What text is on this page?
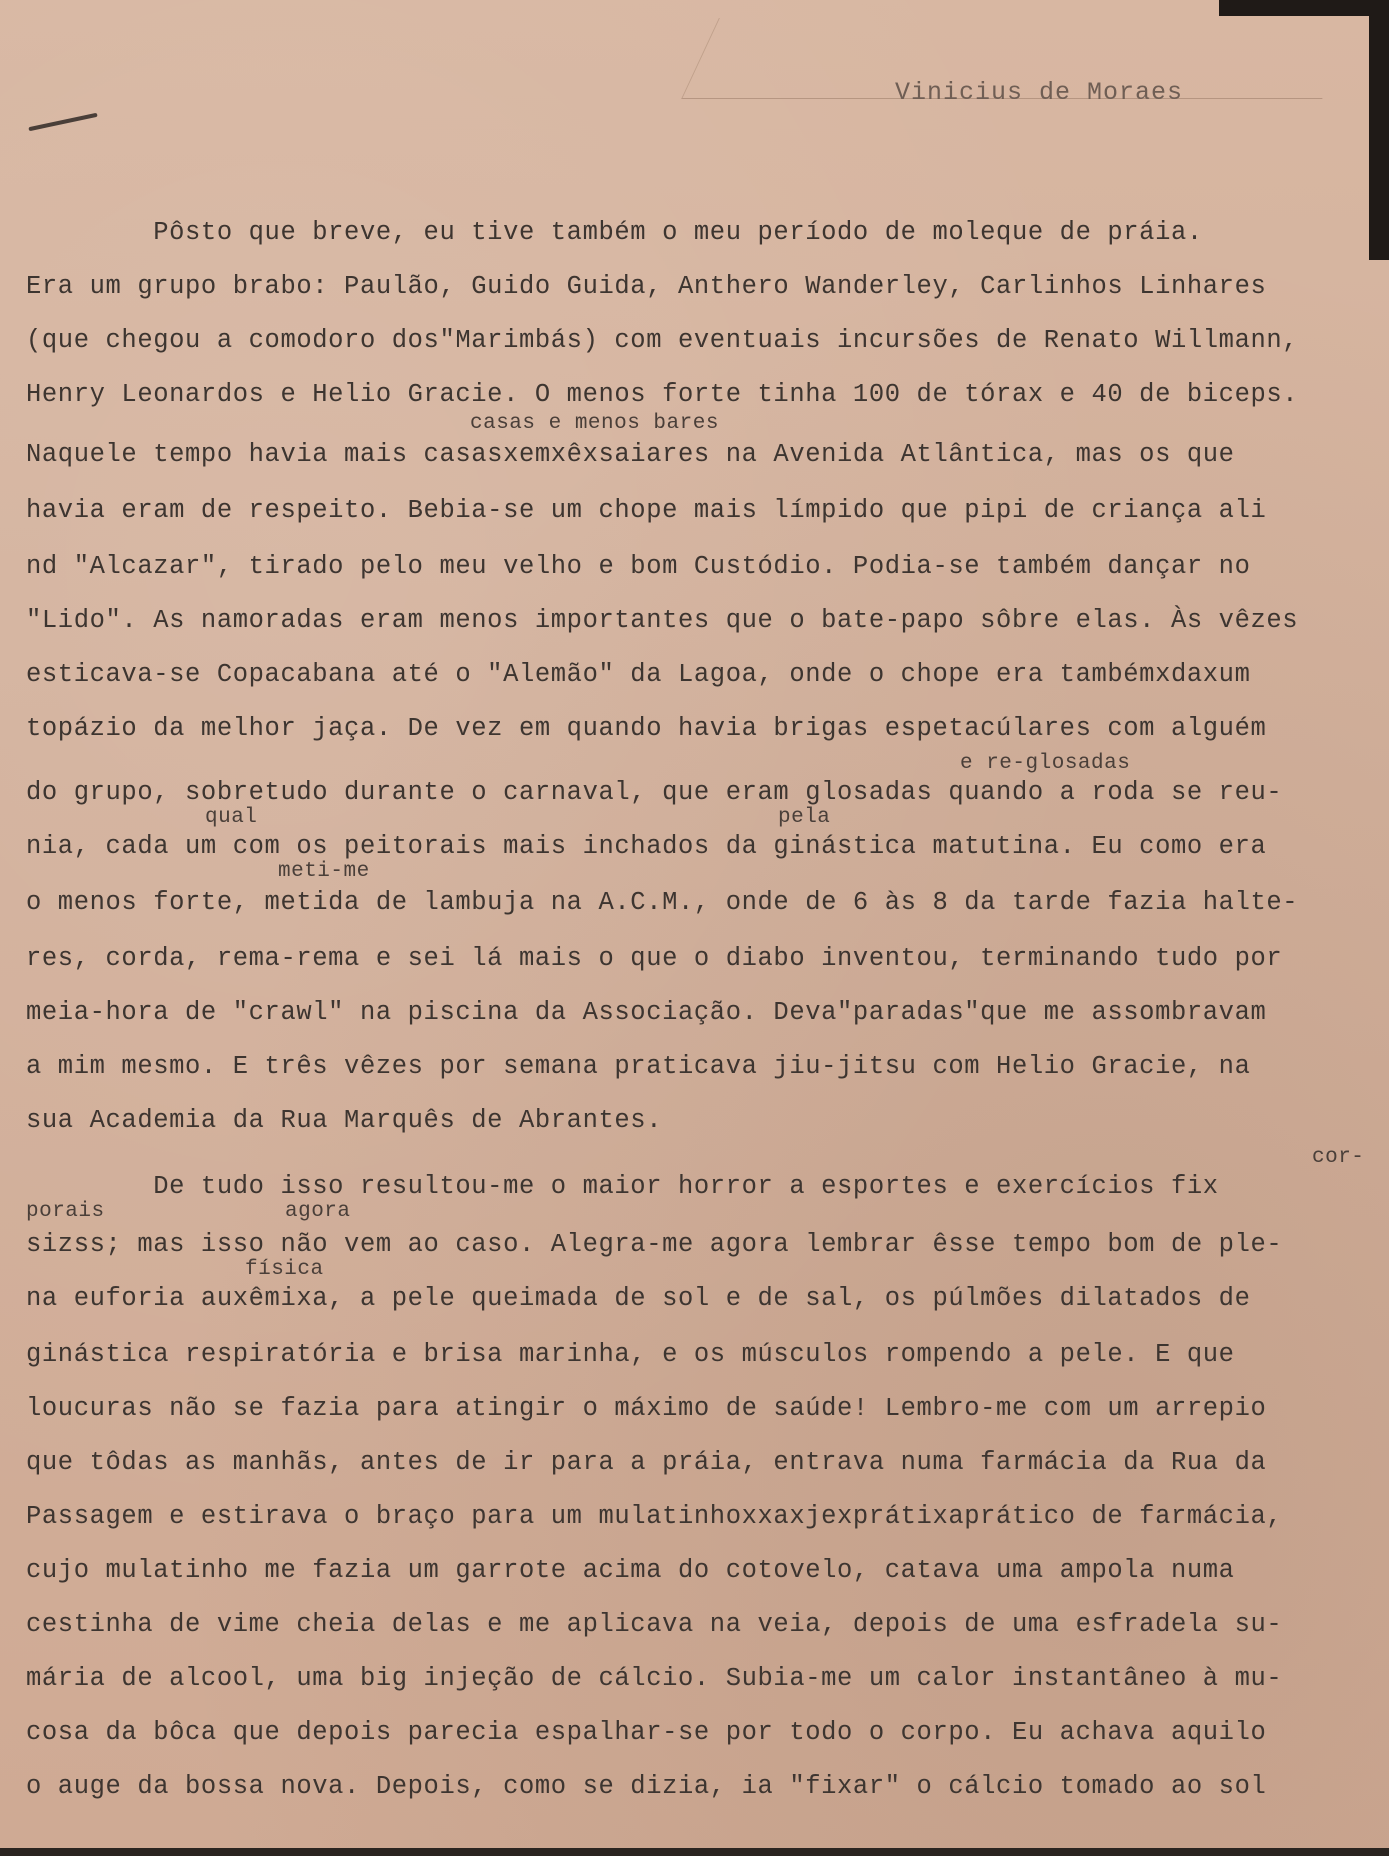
Vinicius de Moraes
Pôsto que breve, eu tive também o meu período de moleque de práia.
Era um grupo brabo: Paulão, Guido Guida, Anthero Wanderley, Carlinhos Linhares
(que chegou a comodoro dos"Marimbás) com eventuais incursões de Renato Willmann,
Henry Leonardos e Helio Gracie. O menos forte tinha 100 de tórax e 40 de biceps.
casas e menos bares
Naquele tempo havia mais casasxemxêxsaiares na Avenida Atlântica, mas os que
havia eram de respeito. Bebia-se um chope mais límpido que pipi de criança ali
nd "Alcazar", tirado pelo meu velho e bom Custódio. Podia-se também dançar no
"Lido". As namoradas eram menos importantes que o bate-papo sôbre elas. Às vêzes
esticava-se Copacabana até o "Alemão" da Lagoa, onde o chope era tambémxdaxum
topázio da melhor jaça. De vez em quando havia brigas espetacúlares com alguém
e re-glosadas
do grupo, sobretudo durante o carnaval, que eram glosadas quando a roda se reu-
qual	pela
nia, cada um com os peitorais mais inchados da ginástica matutina. Eu como era
meti-me
o menos forte, metida de lambuja na A.C.M., onde de 6 às 8 da tarde fazia halte-
res, corda, rema-rema e sei lá mais o que o diabo inventou, terminando tudo por
meia-hora de "crawl" na piscina da Associação. Deva"paradas"que me assombravam
a mim mesmo. E três vêzes por semana praticava jiu-jitsu com Helio Gracie, na
sua Academia da Rua Marquês de Abrantes.
cor-
De tudo isso resultou-me o maior horror a esportes e exercícios fix
porais	agora
sizss; mas isso não vem ao caso. Alegra-me agora lembrar êsse tempo bom de ple-
física
na euforia auxêmixa, a pele queimada de sol e de sal, os púlmões dilatados de
ginástica respiratória e brisa marinha, e os músculos rompendo a pele. E que
loucuras não se fazia para atingir o máximo de saúde! Lembro-me com um arrepio
que tôdas as manhãs, antes de ir para a práia, entrava numa farmácia da Rua da
Passagem e estirava o braço para um mulatinhoxxaxjexprátixaprático de farmácia,
cujo mulatinho me fazia um garrote acima do cotovelo, catava uma ampola numa
cestinha de vime cheia delas e me aplicava na veia, depois de uma esfradela su-
mária de alcool, uma big injeção de cálcio. Subia-me um calor instantâneo à mu-
cosa da bôca que depois parecia espalhar-se por todo o corpo. Eu achava aquilo
o auge da bossa nova. Depois, como se dizia, ia "fixar" o cálcio tomado ao sol
